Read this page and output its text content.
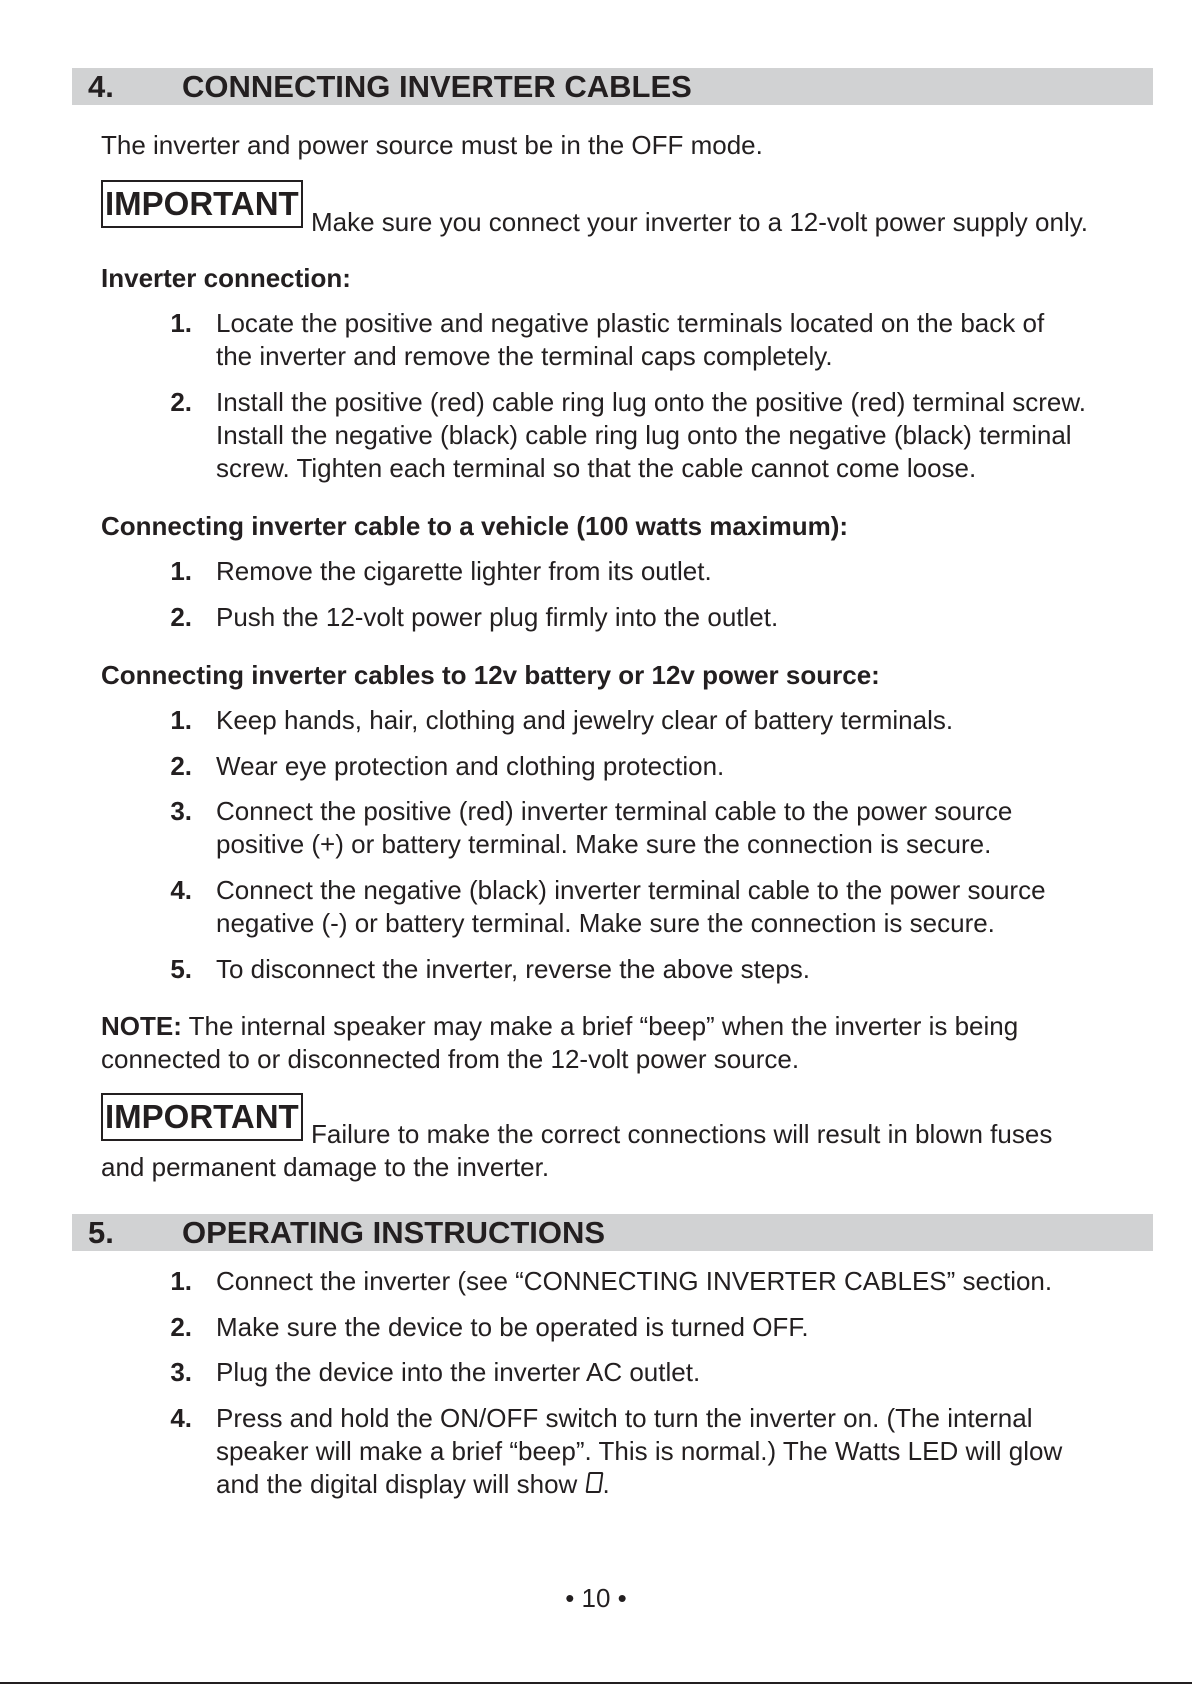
4. CONNECTING INVERTER CABLES
The inverter and power source must be in the OFF mode.
IMPORTANT Make sure you connect your inverter to a 12-volt power supply only.
Inverter connection:
1. Locate the positive and negative plastic terminals located on the back of
the inverter and remove the terminal caps completely.
2. Install the positive (red) cable ring lug onto the positive (red) terminal screw.
Install the negative (black) cable ring lug onto the negative (black) terminal
screw. Tighten each terminal so that the cable cannot come loose.
Connecting inverter cable to a vehicle (100 watts maximum):
1. Remove the cigarette lighter from its outlet.
2. Push the 12-volt power plug firmly into the outlet.
Connecting inverter cables to 12v battery or 12v power source:
1. Keep hands, hair, clothing and jewelry clear of battery terminals.
2. Wear eye protection and clothing protection.
3. Connect the positive (red) inverter terminal cable to the power source
positive (+) or battery terminal. Make sure the connection is secure.
4. Connect the negative (black) inverter terminal cable to the power source
negative (-) or battery terminal. Make sure the connection is secure.
5. To disconnect the inverter, reverse the above steps.
NOTE: The internal speaker may make a brief “beep” when the inverter is being
connected to or disconnected from the 12-volt power source.
IMPORTANT Failure to make the correct connections will result in blown fuses
and permanent damage to the inverter.
5. OPERATING INSTRUCTIONS
1. Connect the inverter (see “CONNECTING INVERTER CABLES” section.
2. Make sure the device to be operated is turned OFF.
3. Plug the device into the inverter AC outlet.
4. Press and hold the ON/OFF switch to turn the inverter on. (The internal
speaker will make a brief “beep”. This is normal.) The Watts LED will glow
and the digital display will show .
• 10 •
